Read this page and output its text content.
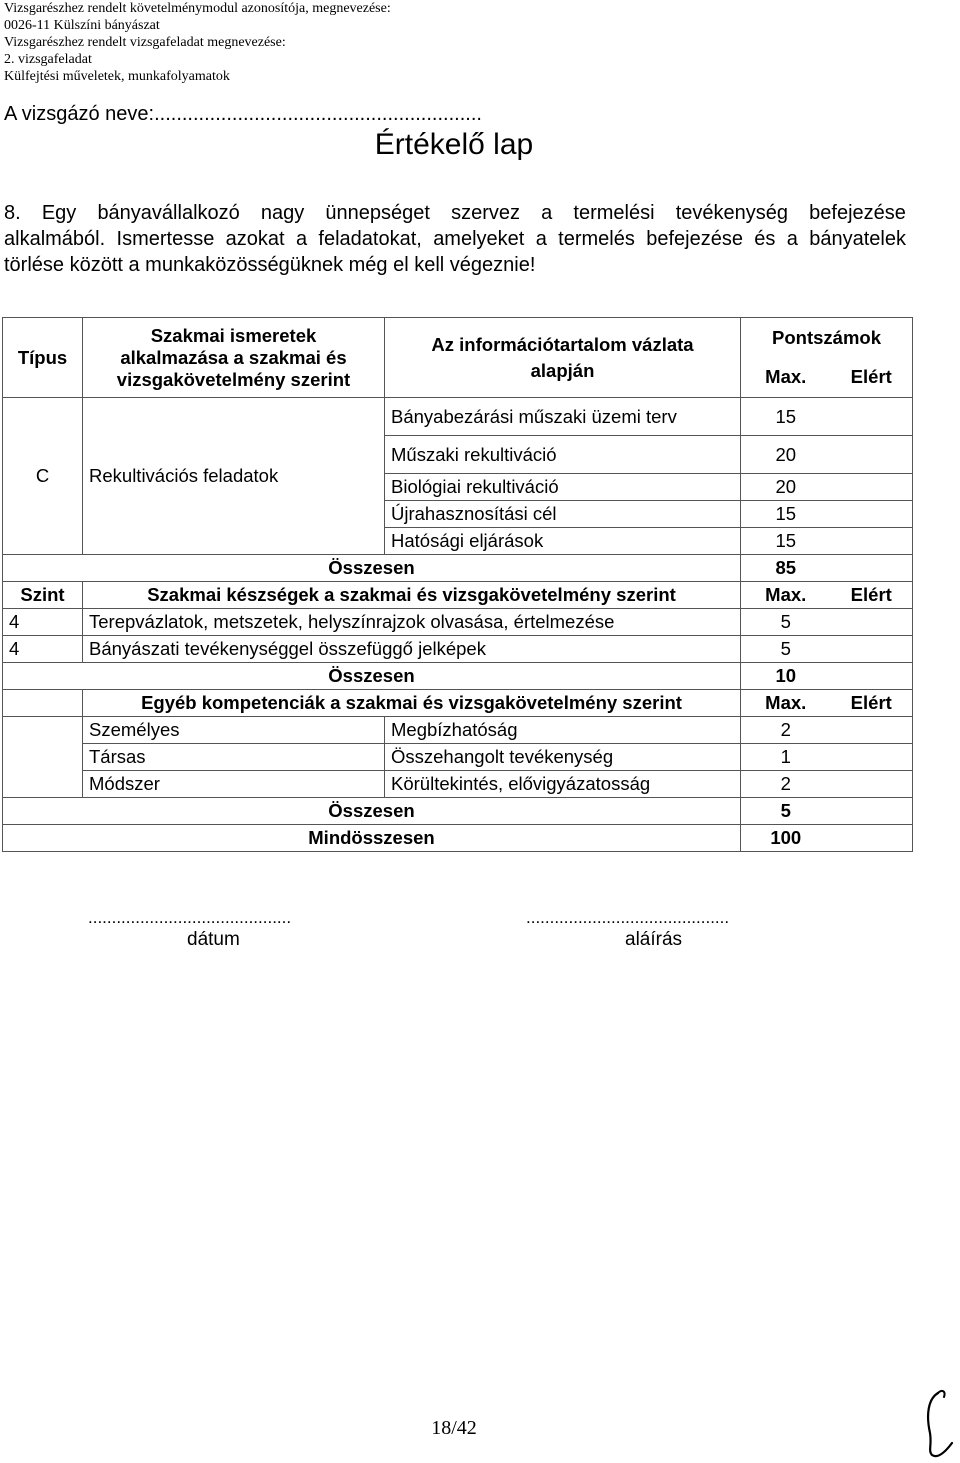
Vizsgarészhez rendelt követelménymodul azonosítója, megnevezése:
0026-11 Külszíni bányászat
Vizsgarészhez rendelt vizsgafeladat megnevezése:
2. vizsgafeladat
Külfejtési műveletek, munkafolyamatok
A vizsgázó neve:...........................................................
Értékelő lap
8. Egy bányavállalkozó nagy ünnepséget szervez a termelési tevékenység befejezése
alkalmából. Ismertesse azokat a feladatokat, amelyeket a termelés befejezése és a bányatelek
törlése között a munkaközösségüknek még el kell végeznie!
Típus	Szakmai ismeretek alkalmazása a szakmai és vizsgakövetelmény szerint	Az információtartalom vázlata alapján	Pontszámok	
			Max.	Elért
C	Rekultivációs feladatok	Bányabezárási műszaki üzemi terv	15	
		Műszaki rekultiváció	20	
		Biológiai rekultiváció	20	
		Újrahasznosítási cél	15	
		Hatósági eljárások	15	
Összesen			85	
Szint	Szakmai készségek a szakmai és vizsgakövetelmény szerint		Max.	Elért
4	Terepvázlatok, metszetek, helyszínrajzok olvasása, értelmezése		5	
4	Bányászati tevékenységgel összefüggő jelképek		5	
Összesen			10	
	Egyéb kompetenciák a szakmai és vizsgakövetelmény szerint		Max.	Elért
	Személyes	Megbízhatóság	2	
	Társas	Összehangolt tevékenység	1	
	Módszer	Körültekintés, elővigyázatosság	2	
Összesen			5	
Mindösszesen			100	
...........................................
dátum
...........................................
aláírás
18/42
